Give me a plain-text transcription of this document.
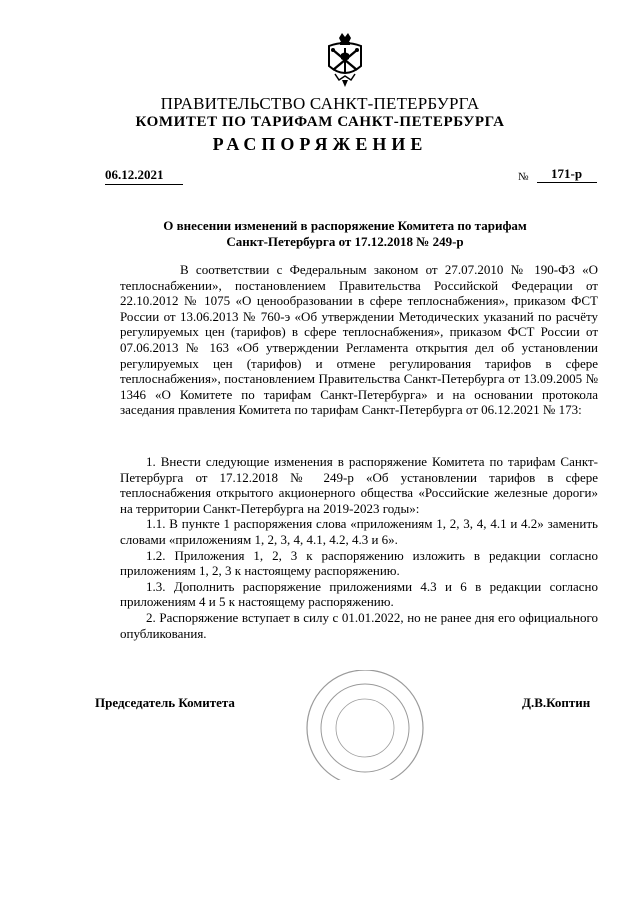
ПРАВИТЕЛЬСТВО САНКТ-ПЕТЕРБУРГА
КОМИТЕТ ПО ТАРИФАМ САНКТ-ПЕТЕРБУРГА
РАСПОРЯЖЕНИЕ
06.12.2021	№	171-р
О внесении изменений в распоряжение Комитета по тарифам
Санкт-Петербурга от 17.12.2018 № 249-р
В соответствии с Федеральным законом от 27.07.2010 № 190-ФЗ «О теплоснабжении», постановлением Правительства Российской Федерации от 22.10.2012 № 1075 «О ценообразовании в сфере теплоснабжения», приказом ФСТ России от 13.06.2013 № 760-э «Об утверждении Методических указаний по расчёту регулируемых цен (тарифов) в сфере теплоснабжения», приказом ФСТ России от 07.06.2013 № 163 «Об утверждении Регламента открытия дел об установлении регулируемых цен (тарифов) и отмене регулирования тарифов в сфере теплоснабжения», постановлением Правительства Санкт-Петербурга от 13.09.2005 № 1346 «О Комитете по тарифам Санкт-Петербурга» и на основании протокола заседания правления Комитета по тарифам Санкт-Петербурга от 06.12.2021 № 173:

1. Внести следующие изменения в распоряжение Комитета по тарифам Санкт-Петербурга от 17.12.2018 № 249-р «Об установлении тарифов в сфере теплоснабжения открытого акционерного общества «Российские железные дороги» на территории Санкт-Петербурга на 2019-2023 годы»:

1.1. В пункте 1 распоряжения слова «приложениям 1, 2, 3, 4, 4.1 и 4.2» заменить словами «приложениям 1, 2, 3, 4, 4.1, 4.2, 4.3 и 6».

1.2. Приложения 1, 2, 3 к распоряжению изложить в редакции согласно приложениям 1, 2, 3 к настоящему распоряжению.

1.3. Дополнить распоряжение приложениями 4.3 и 6 в редакции согласно приложениям 4 и 5 к настоящему распоряжению.

2. Распоряжение вступает в силу с 01.01.2022, но не ранее дня его официального опубликования.

Председатель Комитета	Д.В.Коптин
